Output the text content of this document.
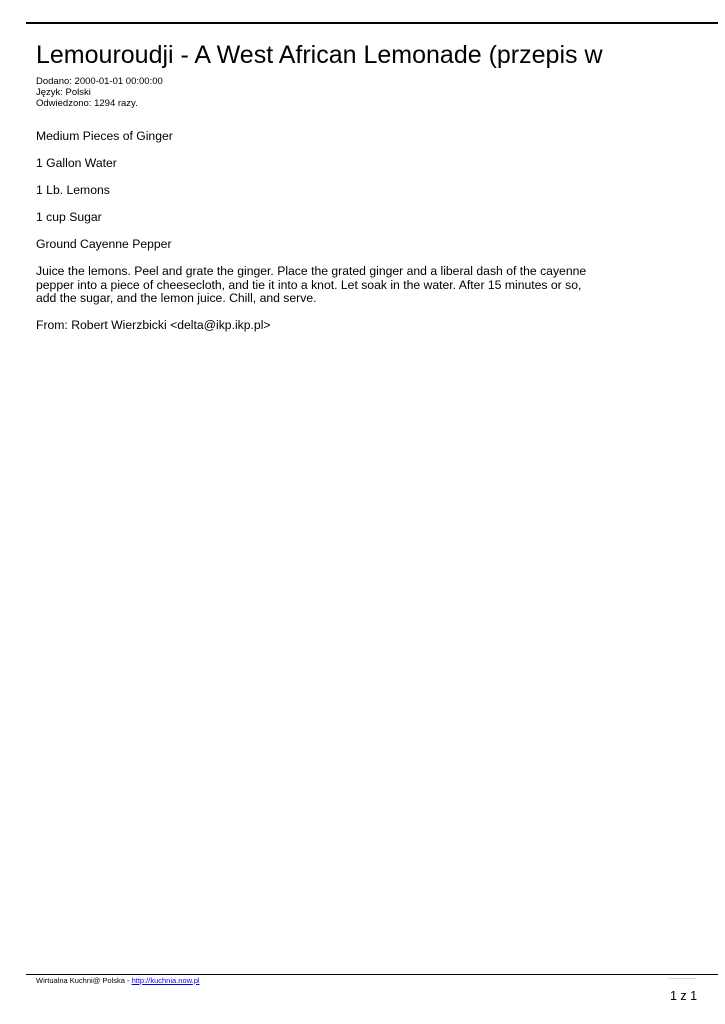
Lemouroudji - A West African Lemonade (przepis w
Dodano: 2000-01-01 00:00:00
Język: Polski
Odwiedzono: 1294 razy.

Medium Pieces of Ginger

1 Gallon Water

1 Lb. Lemons

1 cup Sugar

Ground Cayenne Pepper

Juice the lemons. Peel and grate the ginger. Place the grated ginger and a liberal dash of the cayenne pepper into a piece of cheesecloth, and tie it into a knot. Let soak in the water. After 15 minutes or so, add the sugar, and the lemon juice. Chill, and serve.

From: Robert Wierzbicki <delta@ikp.ikp.pl>

Wirtualna Kuchni@ Polska - http://kuchnia.now.pl
1 z 1
